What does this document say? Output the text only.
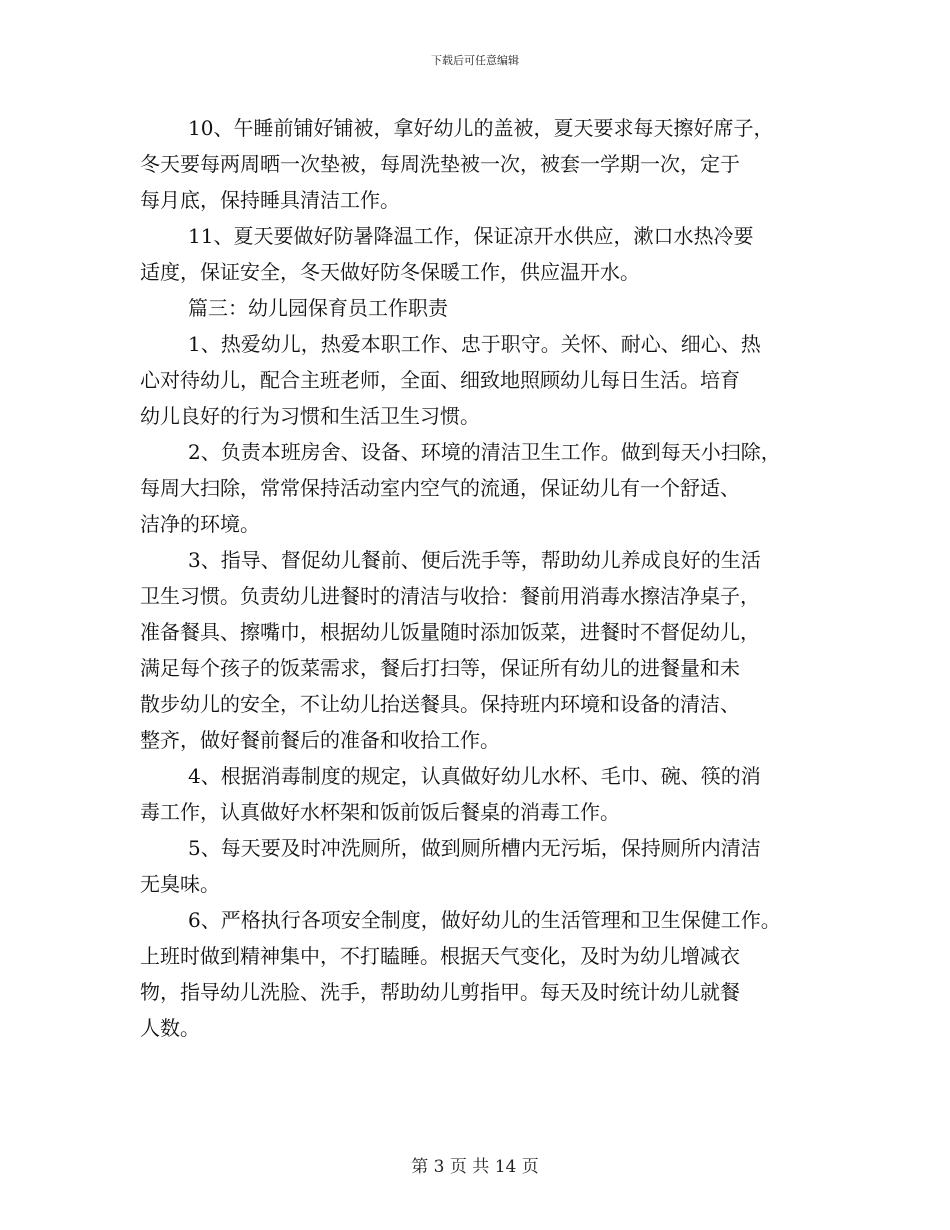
下载后可任意编辑
10、午睡前铺好铺被，拿好幼儿的盖被，夏天要求每天擦好席子，
冬天要每两周晒一次垫被，每周洗垫被一次，被套一学期一次，定于
每月底，保持睡具清洁工作。
11、夏天要做好防暑降温工作，保证凉开水供应，漱口水热冷要
适度，保证安全，冬天做好防冬保暖工作，供应温开水。
篇三：幼儿园保育员工作职责
1、热爱幼儿，热爱本职工作、忠于职守。关怀、耐心、细心、热
心对待幼儿，配合主班老师，全面、细致地照顾幼儿每日生活。培育
幼儿良好的行为习惯和生活卫生习惯。
2、负责本班房舍、设备、环境的清洁卫生工作。做到每天小扫除，
每周大扫除，常常保持活动室内空气的流通，保证幼儿有一个舒适、
洁净的环境。
3、指导、督促幼儿餐前、便后洗手等，帮助幼儿养成良好的生活
卫生习惯。负责幼儿进餐时的清洁与收拾：餐前用消毒水擦洁净桌子，
准备餐具、擦嘴巾，根据幼儿饭量随时添加饭菜，进餐时不督促幼儿，
满足每个孩子的饭菜需求，餐后打扫等，保证所有幼儿的进餐量和未
散步幼儿的安全，不让幼儿抬送餐具。保持班内环境和设备的清洁、
整齐，做好餐前餐后的准备和收拾工作。
4、根据消毒制度的规定，认真做好幼儿水杯、毛巾、碗、筷的消
毒工作，认真做好水杯架和饭前饭后餐桌的消毒工作。
5、每天要及时冲洗厕所，做到厕所槽内无污垢，保持厕所内清洁
无臭味。
6、严格执行各项安全制度，做好幼儿的生活管理和卫生保健工作。
上班时做到精神集中，不打瞌睡。根据天气变化，及时为幼儿增减衣
物，指导幼儿洗脸、洗手，帮助幼儿剪指甲。每天及时统计幼儿就餐
人数。
第 3 页 共 14 页
